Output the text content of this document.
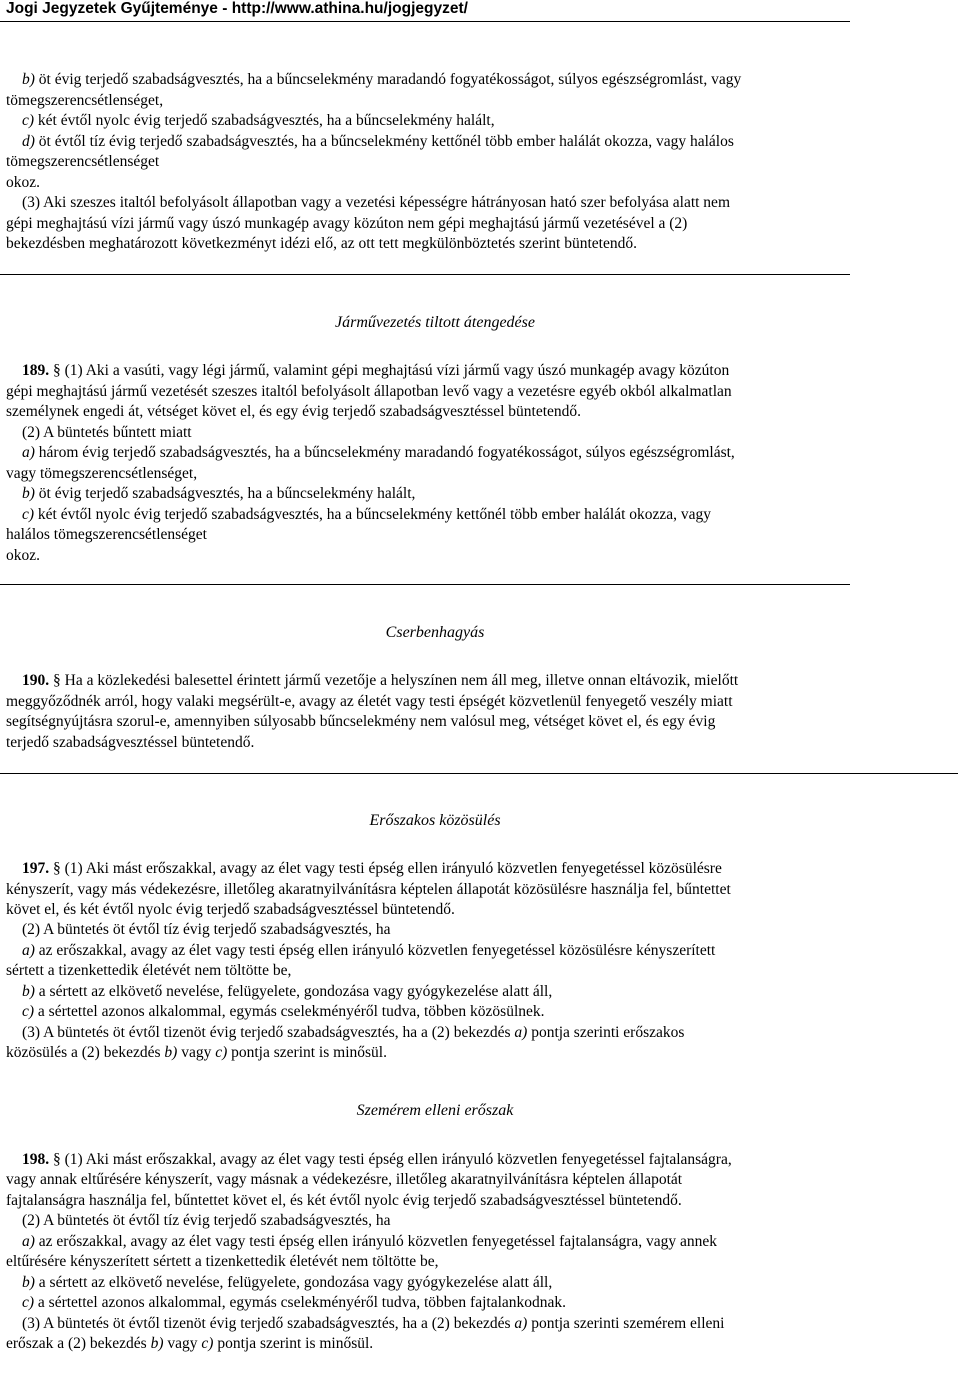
Jogi Jegyzetek Gyűjteménye - http://www.athina.hu/jogjegyzet/
b) öt évig terjedő szabadságvesztés, ha a bűncselekmény maradandó fogyatékosságot, súlyos egészségromlást, vagy
tömegszerencsétlenséget,
c) két évtől nyolc évig terjedő szabadságvesztés, ha a bűncselekmény halált,
d) öt évtől tíz évig terjedő szabadságvesztés, ha a bűncselekmény kettőnél több ember halálát okozza, vagy halálos
tömegszerencsétlenséget
okoz.
(3) Aki szeszes italtól befolyásolt állapotban vagy a vezetési képességre hátrányosan ható szer befolyása alatt nem
gépi meghajtású vízi jármű vagy úszó munkagép avagy közúton nem gépi meghajtású jármű vezetésével a (2)
bekezdésben meghatározott következményt idézi elő, az ott tett megkülönböztetés szerint büntetendő.
Járművezetés tiltott átengedése
189. § (1) Aki a vasúti, vagy légi jármű, valamint gépi meghajtású vízi jármű vagy úszó munkagép avagy közúton
gépi meghajtású jármű vezetését szeszes italtól befolyásolt állapotban levő vagy a vezetésre egyéb okból alkalmatlan
személynek engedi át, vétséget követ el, és egy évig terjedő szabadságvesztéssel büntetendő.
(2) A büntetés bűntett miatt
a) három évig terjedő szabadságvesztés, ha a bűncselekmény maradandó fogyatékosságot, súlyos egészségromlást,
vagy tömegszerencsétlenséget,
b) öt évig terjedő szabadságvesztés, ha a bűncselekmény halált,
c) két évtől nyolc évig terjedő szabadságvesztés, ha a bűncselekmény kettőnél több ember halálát okozza, vagy
halálos tömegszerencsétlenséget
okoz.
Cserbenhagyás
190. § Ha a közlekedési balesettel érintett jármű vezetője a helyszínen nem áll meg, illetve onnan eltávozik, mielőtt
meggyőződnék arról, hogy valaki megsérült-e, avagy az életét vagy testi épségét közvetlenül fenyegető veszély miatt
segítségnyújtásra szorul-e, amennyiben súlyosabb bűncselekmény nem valósul meg, vétséget követ el, és egy évig
terjedő szabadságvesztéssel büntetendő.
Erőszakos közösülés
197. § (1) Aki mást erőszakkal, avagy az élet vagy testi épség ellen irányuló közvetlen fenyegetéssel közösülésre
kényszerít, vagy más védekezésre, illetőleg akaratnyilvánításra képtelen állapotát közösülésre használja fel, bűntettet
követ el, és két évtől nyolc évig terjedő szabadságvesztéssel büntetendő.
(2) A büntetés öt évtől tíz évig terjedő szabadságvesztés, ha
a) az erőszakkal, avagy az élet vagy testi épség ellen irányuló közvetlen fenyegetéssel közösülésre kényszerített
sértett a tizenkettedik életévét nem töltötte be,
b) a sértett az elkövető nevelése, felügyelete, gondozása vagy gyógykezelése alatt áll,
c) a sértettel azonos alkalommal, egymás cselekményéről tudva, többen közösülnek.
(3) A büntetés öt évtől tizenöt évig terjedő szabadságvesztés, ha a (2) bekezdés a) pontja szerinti erőszakos
közösülés a (2) bekezdés b) vagy c) pontja szerint is minősül.
Szemérem elleni erőszak
198. § (1) Aki mást erőszakkal, avagy az élet vagy testi épség ellen irányuló közvetlen fenyegetéssel fajtalanságra,
vagy annak eltűrésére kényszerít, vagy másnak a védekezésre, illetőleg akaratnyilvánításra képtelen állapotát
fajtalanságra használja fel, bűntettet követ el, és két évtől nyolc évig terjedő szabadságvesztéssel büntetendő.
(2) A büntetés öt évtől tíz évig terjedő szabadságvesztés, ha
a) az erőszakkal, avagy az élet vagy testi épség ellen irányuló közvetlen fenyegetéssel fajtalanságra, vagy annek
eltűrésére kényszerített sértett a tizenkettedik életévét nem töltötte be,
b) a sértett az elkövető nevelése, felügyelete, gondozása vagy gyógykezelése alatt áll,
c) a sértettel azonos alkalommal, egymás cselekményéről tudva, többen fajtalankodnak.
(3) A büntetés öt évtől tizenöt évig terjedő szabadságvesztés, ha a (2) bekezdés a) pontja szerinti szemérem elleni
erőszak a (2) bekezdés b) vagy c) pontja szerint is minősül.
